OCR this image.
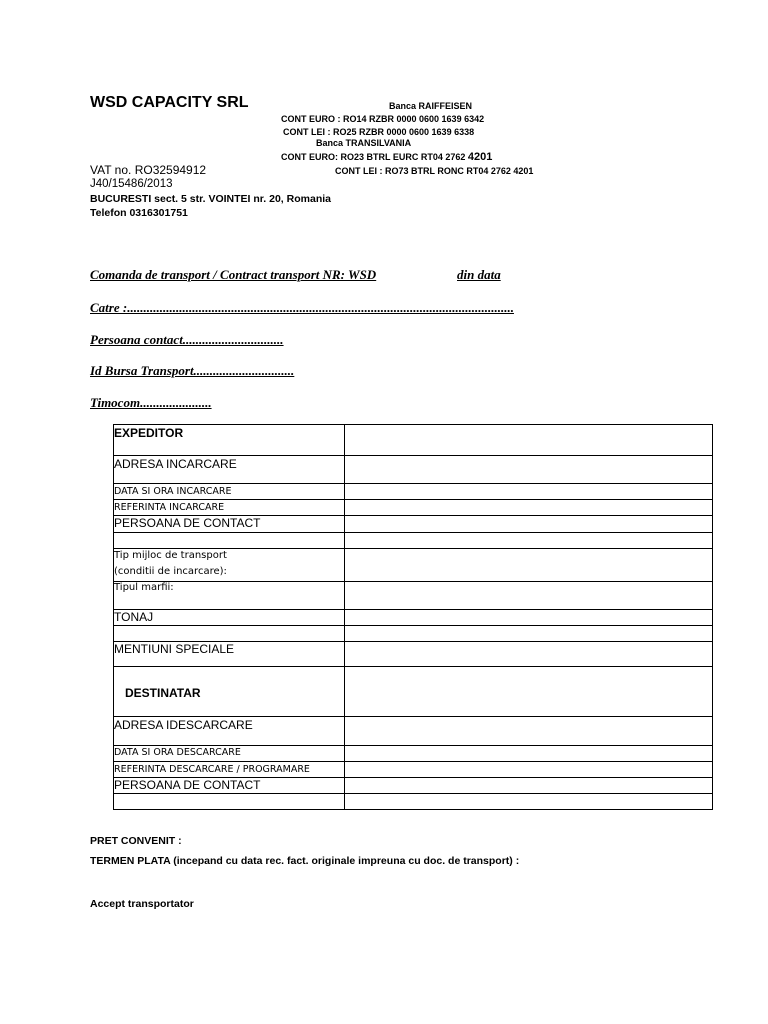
WSD CAPACITY SRL	Banca RAIFFEISEN
CONT EURO : RO14 RZBR 0000 0600 1639 6342
CONT LEI : RO25 RZBR 0000 0600 1639 6338
Banca TRANSILVANIA
CONT EURO: RO23 BTRL EURC RT04 2762 4201
CONT LEI : RO73 BTRL RONC RT04 2762 4201
VAT no. RO32594912
J40/15486/2013
BUCURESTI sect. 5 str. VOINTEI nr. 20, Romania
Telefon 0316301751
Comanda de transport / Contract transport NR: WSD	din data
Catre :.......................................................................................................................
Persoana contact...............................
Id Bursa Transport...............................
Timocom......................
EXPEDITOR
ADRESA INCARCARE
DATA SI ORA INCARCARE
REFERINTA INCARCARE
PERSOANA DE CONTACT
Tip mijloc de transport
(conditii de incarcare):
Tipul marfii:
TONAJ
MENTIUNI SPECIALE
DESTINATAR
ADRESA IDESCARCARE
DATA SI ORA DESCARCARE
REFERINTA DESCARCARE / PROGRAMARE
PERSOANA DE CONTACT
PRET CONVENIT :
TERMEN PLATA (incepand cu data rec. fact. originale impreuna cu doc. de transport) :
Accept transportator
